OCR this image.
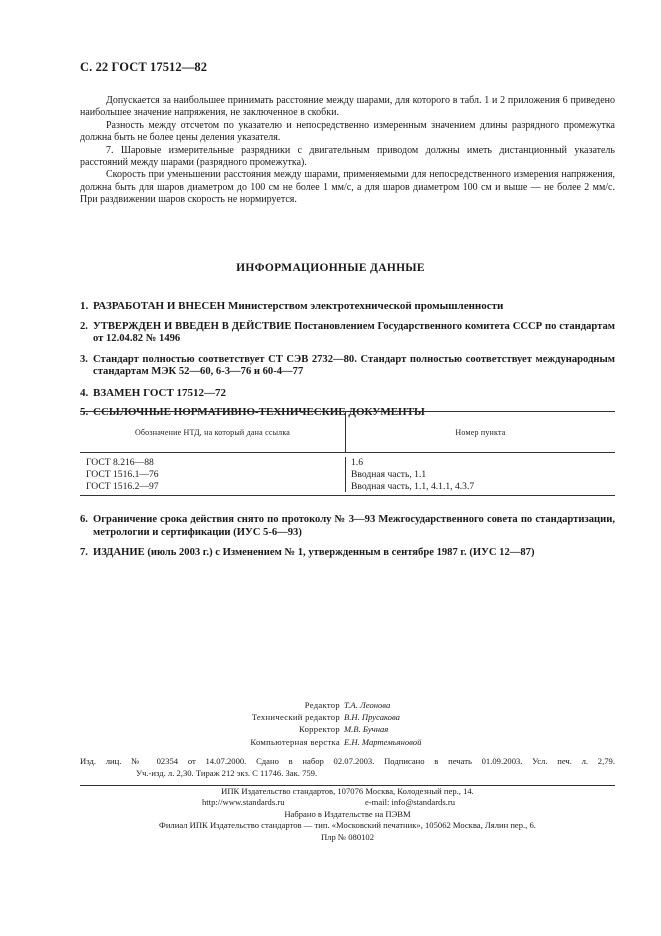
С. 22 ГОСТ 17512—82

Допускается за наибольшее принимать расстояние между шарами, для которого в табл. 1 и 2 приложения 6 приведено наибольшее значение напряжения, не заключенное в скобки.

Разность между отсчетом по указателю и непосредственно измеренным значением длины разрядного промежутка должна быть не более цены деления указателя.

7. Шаровые измерительные разрядники с двигательным приводом должны иметь дистанционный указатель расстояний между шарами (разрядного промежутка).

Скорость при уменьшении расстояния между шарами, применяемыми для непосредственного измерения напряжения, должна быть для шаров диаметром до 100 см не более 1 мм/с, а для шаров диаметром 100 см и выше — не более 2 мм/с. При раздвижении шаров скорость не нормируется.

ИНФОРМАЦИОННЫЕ ДАННЫЕ
1. РАЗРАБОТАН И ВНЕСЕН Министерством электротехнической промышленности
2. УТВЕРЖДЕН И ВВЕДЕН В ДЕЙСТВИЕ Постановлением Государственного комитета СССР по стандартам от 12.04.82 № 1496
3. Стандарт полностью соответствует СТ СЭВ 2732—80. Стандарт полностью соответствует международным стандартам МЭК 52—60, 6-3—76 и 60-4—77
4. ВЗАМЕН ГОСТ 17512—72
5. ССЫЛОЧНЫЕ НОРМАТИВНО-ТЕХНИЧЕСКИЕ ДОКУМЕНТЫ
Обозначение НТД, на который дана ссылка	Номер пункта
ГОСТ 8.216—88
ГОСТ 1516.1—76
ГОСТ 1516.2—97
1.6
Вводная часть, 1.1
Вводная часть, 1.1, 4.1.1, 4.3.7
6. Ограничение срока действия снято по протоколу № 3—93 Межгосударственного совета по стандартизации, метрологии и сертификации (ИУС 5-6—93)
7. ИЗДАНИЕ (июль 2003 г.) с Изменением № 1, утвержденным в сентябре 1987 г. (ИУС 12—87)
Редактор Т.А. Леонова
Технический редактор В.Н. Прусакова
Корректор М.В. Бучная
Компьютерная верстка Е.Н. Мартемьяновой
Изд. лиц. № 02354 от 14.07.2000. Сдано в набор 02.07.2003. Подписано в печать 01.09.2003. Усл. печ. л. 2,79.
Уч.-изд. л. 2,30. Тираж 212 экз. С 11746. Зак. 759.
ИПК Издательство стандартов, 107076 Москва, Колодезный пер., 14.
http://www.standards.ru	e-mail: info@standards.ru
Набрано в Издательстве на ПЭВМ
Филиал ИПК Издательство стандартов — тип. «Московский печатник», 105062 Москва, Лялин пер., 6.
Плр № 080102
